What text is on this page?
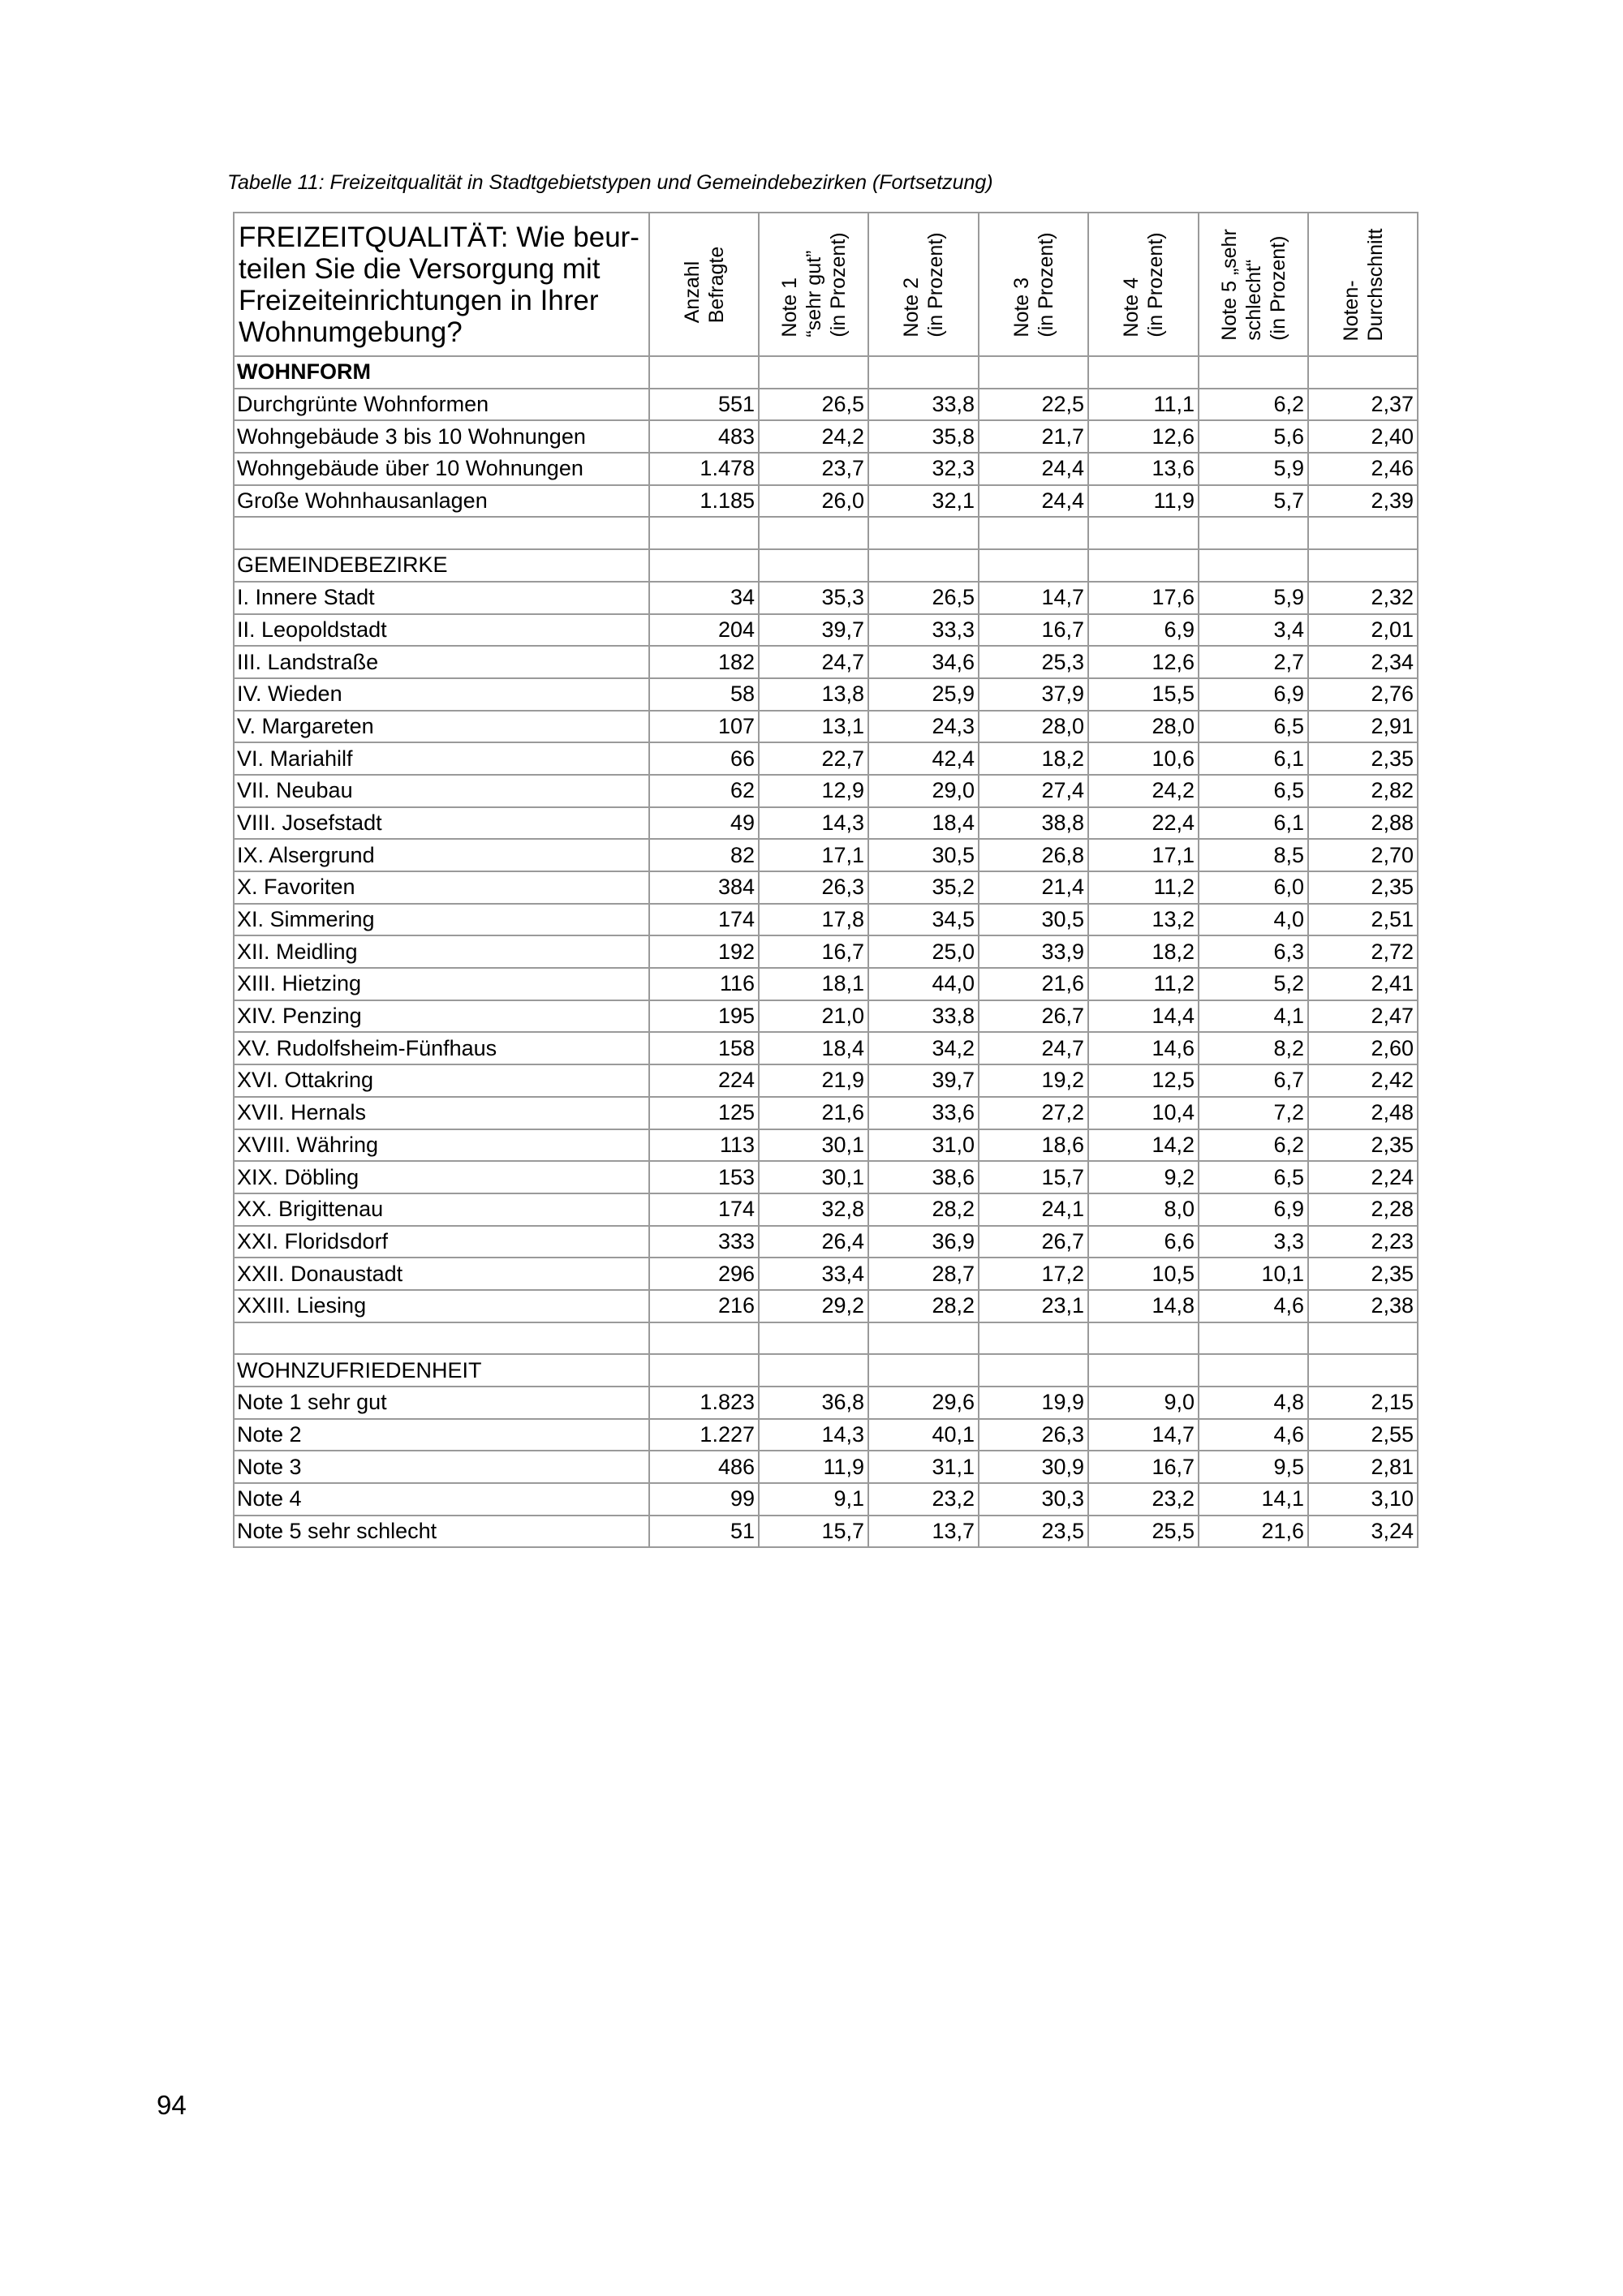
Tabelle 11: Freizeitqualität in Stadtgebietstypen und Gemeindebezirken (Fortsetzung)
FREIZEITQUALITÄT: Wie beur-
teilen Sie die Versorgung mit
Freizeiteinrichtungen in Ihrer
Wohnumgebung?	Anzahl
Befragte	Note 1
“sehr gut”
(in Prozent)	Note 2
(in Prozent)	Note 3
(in Prozent)	Note 4
(in Prozent)	Note 5 „sehr
schlecht“
(in Prozent)	Noten-
Durchschnitt

WOHNFORM							
Durchgrünte Wohnformen	551	26,5	33,8	22,5	11,1	6,2	2,37
Wohngebäude 3 bis 10 Wohnungen	483	24,2	35,8	21,7	12,6	5,6	2,40
Wohngebäude über 10 Wohnungen	1.478	23,7	32,3	24,4	13,6	5,9	2,46
Große Wohnhausanlagen	1.185	26,0	32,1	24,4	11,9	5,7	2,39

GEMEINDEBEZIRKE							
I. Innere Stadt	34	35,3	26,5	14,7	17,6	5,9	2,32
II. Leopoldstadt	204	39,7	33,3	16,7	6,9	3,4	2,01
III. Landstraße	182	24,7	34,6	25,3	12,6	2,7	2,34
IV. Wieden	58	13,8	25,9	37,9	15,5	6,9	2,76
V. Margareten	107	13,1	24,3	28,0	28,0	6,5	2,91
VI. Mariahilf	66	22,7	42,4	18,2	10,6	6,1	2,35
VII. Neubau	62	12,9	29,0	27,4	24,2	6,5	2,82
VIII. Josefstadt	49	14,3	18,4	38,8	22,4	6,1	2,88
IX. Alsergrund	82	17,1	30,5	26,8	17,1	8,5	2,70
X. Favoriten	384	26,3	35,2	21,4	11,2	6,0	2,35
XI. Simmering	174	17,8	34,5	30,5	13,2	4,0	2,51
XII. Meidling	192	16,7	25,0	33,9	18,2	6,3	2,72
XIII. Hietzing	116	18,1	44,0	21,6	11,2	5,2	2,41
XIV. Penzing	195	21,0	33,8	26,7	14,4	4,1	2,47
XV. Rudolfsheim-Fünfhaus	158	18,4	34,2	24,7	14,6	8,2	2,60
XVI. Ottakring	224	21,9	39,7	19,2	12,5	6,7	2,42
XVII. Hernals	125	21,6	33,6	27,2	10,4	7,2	2,48
XVIII. Währing	113	30,1	31,0	18,6	14,2	6,2	2,35
XIX. Döbling	153	30,1	38,6	15,7	9,2	6,5	2,24
XX. Brigittenau	174	32,8	28,2	24,1	8,0	6,9	2,28
XXI. Floridsdorf	333	26,4	36,9	26,7	6,6	3,3	2,23
XXII. Donaustadt	296	33,4	28,7	17,2	10,5	10,1	2,35
XXIII. Liesing	216	29,2	28,2	23,1	14,8	4,6	2,38

WOHNZUFRIEDENHEIT							
Note 1 sehr gut	1.823	36,8	29,6	19,9	9,0	4,8	2,15
Note 2	1.227	14,3	40,1	26,3	14,7	4,6	2,55
Note 3	486	11,9	31,1	30,9	16,7	9,5	2,81
Note 4	99	9,1	23,2	30,3	23,2	14,1	3,10
Note 5 sehr schlecht	51	15,7	13,7	23,5	25,5	21,6	3,24
94
